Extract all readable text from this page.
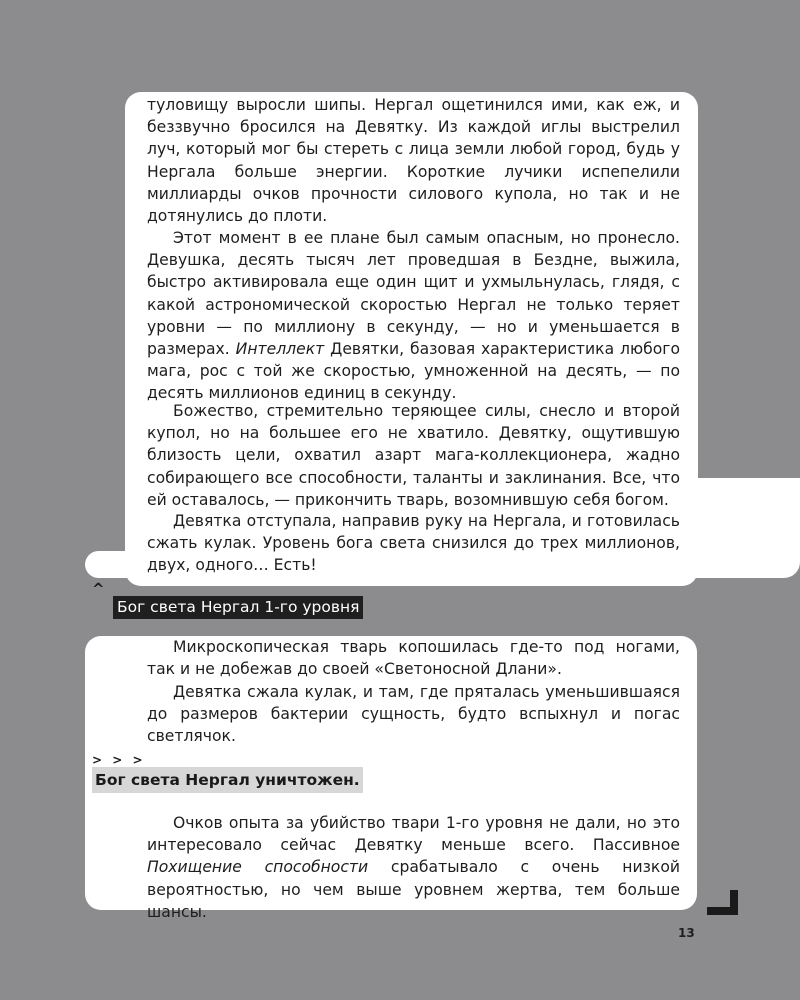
туловищу выросли шипы. Нергал ощетинился ими, как еж, и беззвучно бросился на Девятку. Из каждой иглы выстрелил луч, который мог бы стереть с лица земли любой город, будь у Нергала больше энергии. Короткие лучики испепелили миллиарды очков прочности силового купола, но так и не дотянулись до плоти.

Этот момент в ее плане был самым опасным, но пронесло. Девушка, десять тысяч лет проведшая в Бездне, выжила, быстро активировала еще один щит и ухмыльнулась, глядя, с какой астрономической скоростью Нергал не только теряет уровни — по миллиону в секунду, — но и уменьшается в размерах. Интеллект Девятки, базовая характеристика любого мага, рос с той же скоростью, умноженной на десять, — по десять миллионов единиц в секунду.

Божество, стремительно теряющее силы, снесло и второй купол, но на большее его не хватило. Девятку, ощутившую близость цели, охватил азарт мага-коллекционера, жадно собирающего все способности, таланты и заклинания. Все, что ей оставалось, — прикончить тварь, возомнившую себя богом.

Девятка отступала, направив руку на Нергала, и готовилась сжать кулак. Уровень бога света снизился до трех миллионов, двух, одного… Есть!

^
Бог света Нергал 1-го уровня

Микроскопическая тварь копошилась где-то под ногами, так и не добежав до своей «Светоносной Длани».

Девятка сжала кулак, и там, где пряталась уменьшившаяся до размеров бактерии сущность, будто вспыхнул и погас светлячок.

> > >
Бог света Нергал уничтожен.

Очков опыта за убийство твари 1-го уровня не дали, но это интересовало сейчас Девятку меньше всего. Пассивное Похищение способности срабатывало с очень низкой вероятностью, но чем выше уровнем жертва, тем больше шансы.

13
